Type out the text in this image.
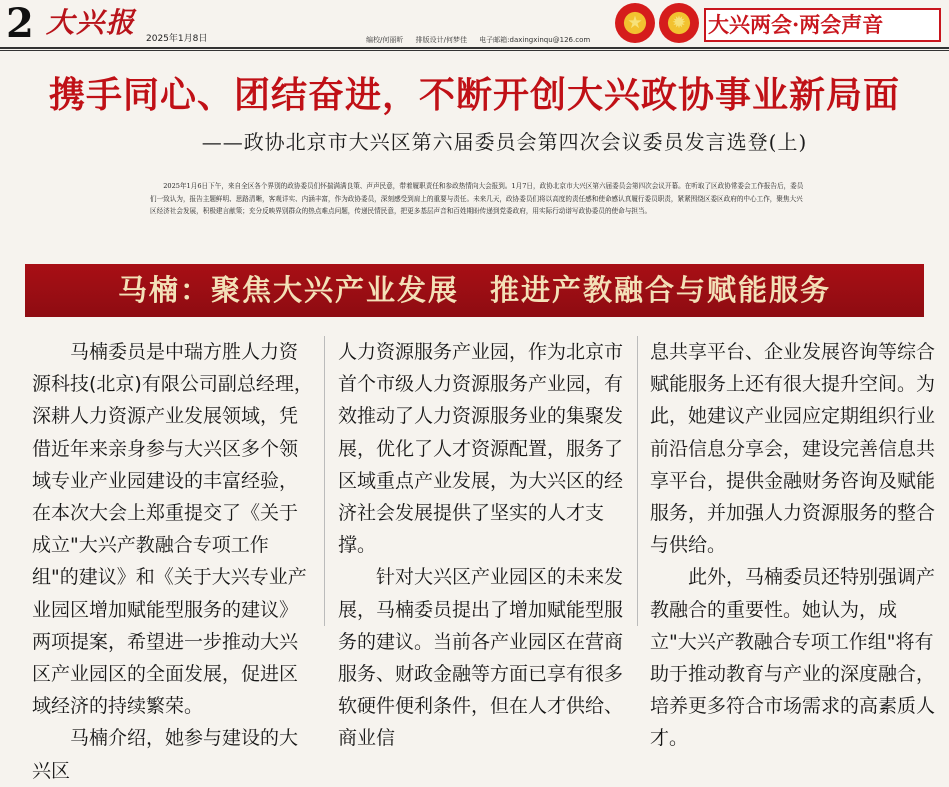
2 大兴报 2025年1月8日	编校/何丽昕 排版设计/何梦佳 电子邮箱:daxingxinqu@126.com
★	✹	大兴两会·两会声音
携手同心、团结奋进，不断开创大兴政协事业新局面
——政协北京市大兴区第六届委员会第四次会议委员发言选登(上)
2025年1月6日下午，来自全区各个界别的政协委员们怀揣满满良策、声声民意，带着履职责任和参政热情向大会报到。1月7日，政协北京市大兴区第六届委员会第四次会议开幕。在听取了区政协常委会工作报告后，委员们一致认为，报告主题鲜明、思路清晰，客观详实、内涵丰富，作为政协委员，深刻感受到肩上的重要与责任。未来几天，政协委员们将以高度的责任感和使命感认真履行委员职责，紧紧围绕区委区政府的中心工作，聚焦大兴区经济社会发展，积极建言献策；充分反映界别群众的热点难点问题，传递民情民意，把更多基层声音和百姓期盼传递到党委政府，用实际行动谱写政协委员的使命与担当。
马楠：聚焦大兴产业发展　推进产教融合与赋能服务

马楠委员是中瑞方胜人力资源科技(北京)有限公司副总经理，深耕人力资源产业发展领域，凭借近年来亲身参与大兴区多个领域专业产业园建设的丰富经验，在本次大会上郑重提交了《关于成立"大兴产教融合专项工作组"的建议》和《关于大兴专业产业园区增加赋能型服务的建议》两项提案，希望进一步推动大兴区产业园区的全面发展，促进区域经济的持续繁荣。

马楠介绍，她参与建设的大兴区

人力资源服务产业园，作为北京市首个市级人力资源服务产业园，有效推动了人力资源服务业的集聚发展，优化了人才资源配置，服务了区域重点产业发展，为大兴区的经济社会发展提供了坚实的人才支撑。

针对大兴区产业园区的未来发展，马楠委员提出了增加赋能型服务的建议。当前各产业园区在营商服务、财政金融等方面已享有很多软硬件便利条件，但在人才供给、商业信

息共享平台、企业发展咨询等综合赋能服务上还有很大提升空间。为此，她建议产业园应定期组织行业前沿信息分享会，建设完善信息共享平台，提供金融财务咨询及赋能服务，并加强人力资源服务的整合与供给。

此外，马楠委员还特别强调产教融合的重要性。她认为，成立"大兴产教融合专项工作组"将有助于推动教育与产业的深度融合，培养更多符合市场需求的高素质人才。
